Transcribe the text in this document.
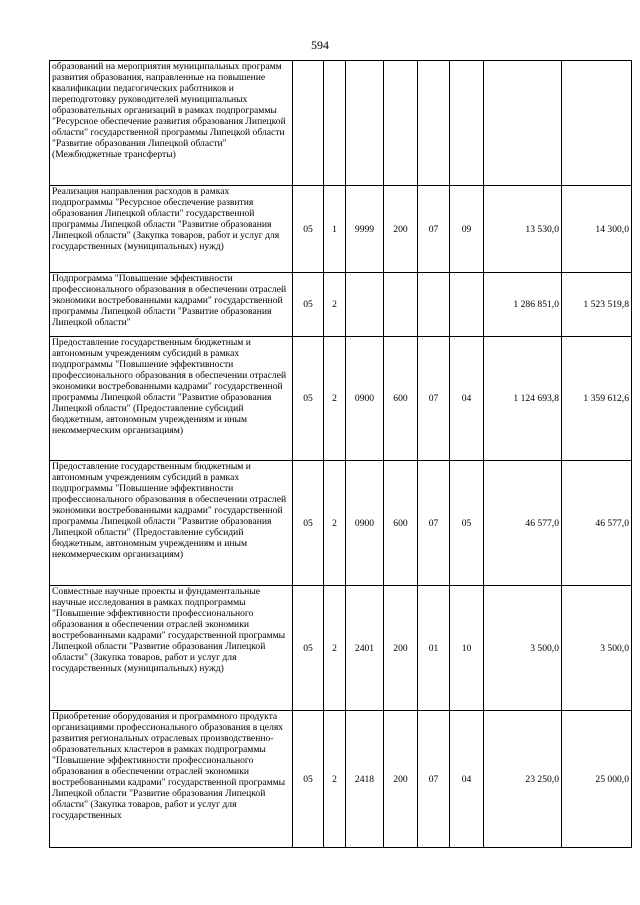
594
образований на мероприятия муниципальных программ развития образования, направленные на повышение квалификации педагогических работников и переподготовку руководителей муниципальных образовательных организаций в рамках подпрограммы "Ресурсное обеспечение развития образования Липецкой области" государственной программы Липецкой области "Развитие образования Липецкой области" (Межбюджетные трансферты)								
Реализация направления расходов в рамках подпрограммы "Ресурсное обеспечение развития образования Липецкой области" государственной программы Липецкой области "Развитие образования Липецкой области" (Закупка товаров, работ и услуг для государственных (муниципальных) нужд)	05	1	9999	200	07	09	13 530,0	14 300,0
Подпрограмма "Повышение эффективности профессионального образования в обеспечении отраслей экономики востребованными кадрами" государственной программы Липецкой области "Развитие образования Липецкой области"	05	2					1 286 851,0	1 523 519,8
Предоставление государственным бюджетным и автономным учреждениям субсидий в рамках подпрограммы "Повышение эффективности профессионального образования в обеспечении отраслей экономики востребованными кадрами" государственной программы Липецкой области "Развитие образования Липецкой области" (Предоставление субсидий бюджетным, автономным учреждениям и иным некоммерческим организациям)	05	2	0900	600	07	04	1 124 693,8	1 359 612,6
Предоставление государственным бюджетным и автономным учреждениям субсидий в рамках подпрограммы "Повышение эффективности профессионального образования в обеспечении отраслей экономики востребованными кадрами" государственной программы Липецкой области "Развитие образования Липецкой области" (Предоставление субсидий бюджетным, автономным учреждениям и иным некоммерческим организациям)	05	2	0900	600	07	05	46 577,0	46 577,0
Совместные научные проекты и фундаментальные научные исследования в рамках подпрограммы "Повышение эффективности профессионального образования в обеспечении отраслей экономики востребованными кадрами" государственной программы Липецкой области "Развитие образования Липецкой области" (Закупка товаров, работ и услуг для государственных (муниципальных) нужд)	05	2	2401	200	01	10	3 500,0	3 500,0

Приобретение оборудования и программного продукта организациями профессионального образования в целях развития региональных отраслевых производственно-образовательных кластеров в рамках подпрограммы "Повышение эффективности профессионального образования в обеспечении отраслей экономики востребованными кадрами" государственной программы Липецкой области "Развитие образования Липецкой области" (Закупка товаров, работ и услуг для государственных	05	2	2418	200	07	04	23 250,0	25 000,0
